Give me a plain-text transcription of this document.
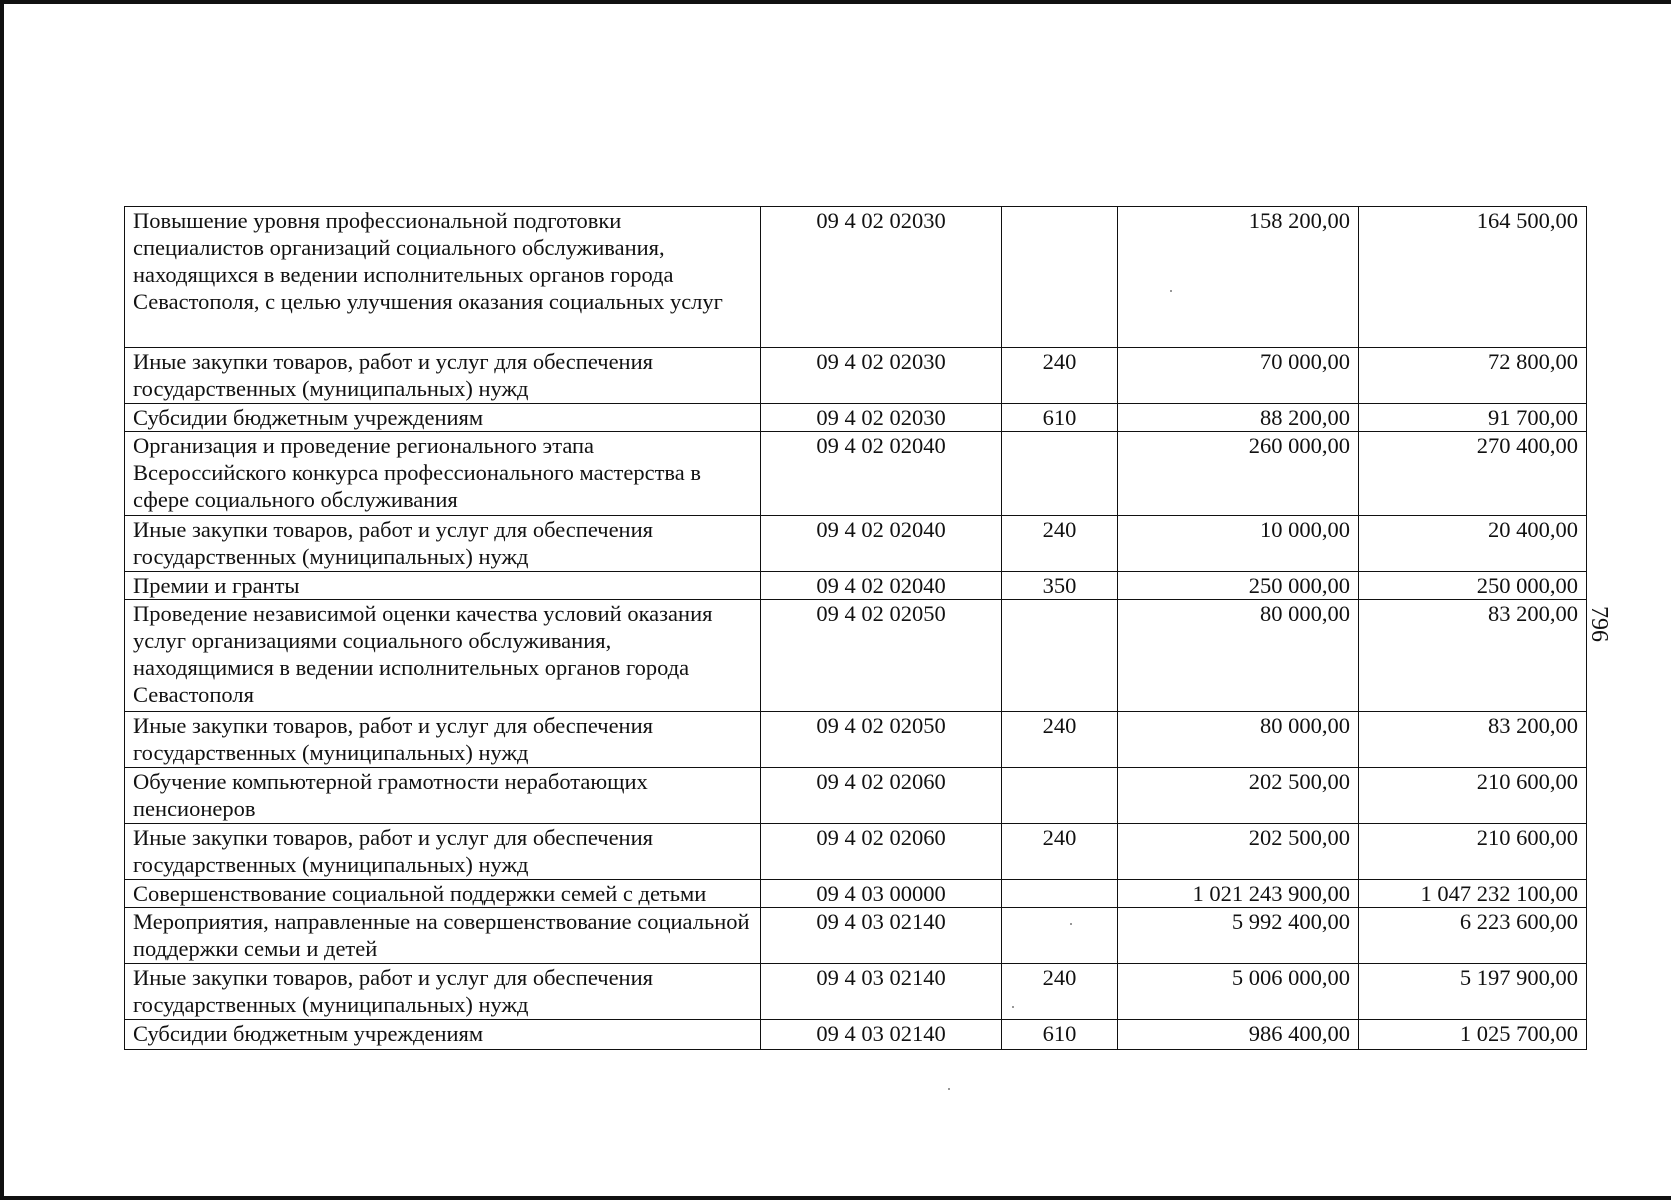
Повышение уровня профессиональной подготовки специалистов организаций социального обслуживания, находящихся в ведении исполнительных органов города Севастополя, с целью улучшения оказания социальных услуг	09 4 02 02030		158 200,00	164 500,00
Иные закупки товаров, работ и услуг для обеспечения государственных (муниципальных) нужд	09 4 02 02030	240	70 000,00	72 800,00
Субсидии бюджетным учреждениям	09 4 02 02030	610	88 200,00	91 700,00
Организация и проведение регионального этапа Всероссийского конкурса профессионального мастерства в сфере социального обслуживания	09 4 02 02040		260 000,00	270 400,00
Иные закупки товаров, работ и услуг для обеспечения государственных (муниципальных) нужд	09 4 02 02040	240	10 000,00	20 400,00
Премии и гранты	09 4 02 02040	350	250 000,00	250 000,00
Проведение независимой оценки качества условий оказания услуг организациями социального обслуживания, находящимися в ведении исполнительных органов города Севастополя	09 4 02 02050		80 000,00	83 200,00
Иные закупки товаров, работ и услуг для обеспечения государственных (муниципальных) нужд	09 4 02 02050	240	80 000,00	83 200,00
Обучение компьютерной грамотности неработающих пенсионеров	09 4 02 02060		202 500,00	210 600,00
Иные закупки товаров, работ и услуг для обеспечения государственных (муниципальных) нужд	09 4 02 02060	240	202 500,00	210 600,00
Совершенствование социальной поддержки семей с детьми	09 4 03 00000		1 021 243 900,00	1 047 232 100,00
Мероприятия, направленные на совершенствование социальной поддержки семьи и детей	09 4 03 02140		5 992 400,00	6 223 600,00
Иные закупки товаров, работ и услуг для обеспечения государственных (муниципальных) нужд	09 4 03 02140	240	5 006 000,00	5 197 900,00
Субсидии бюджетным учреждениям	09 4 03 02140	610	986 400,00	1 025 700,00
796
